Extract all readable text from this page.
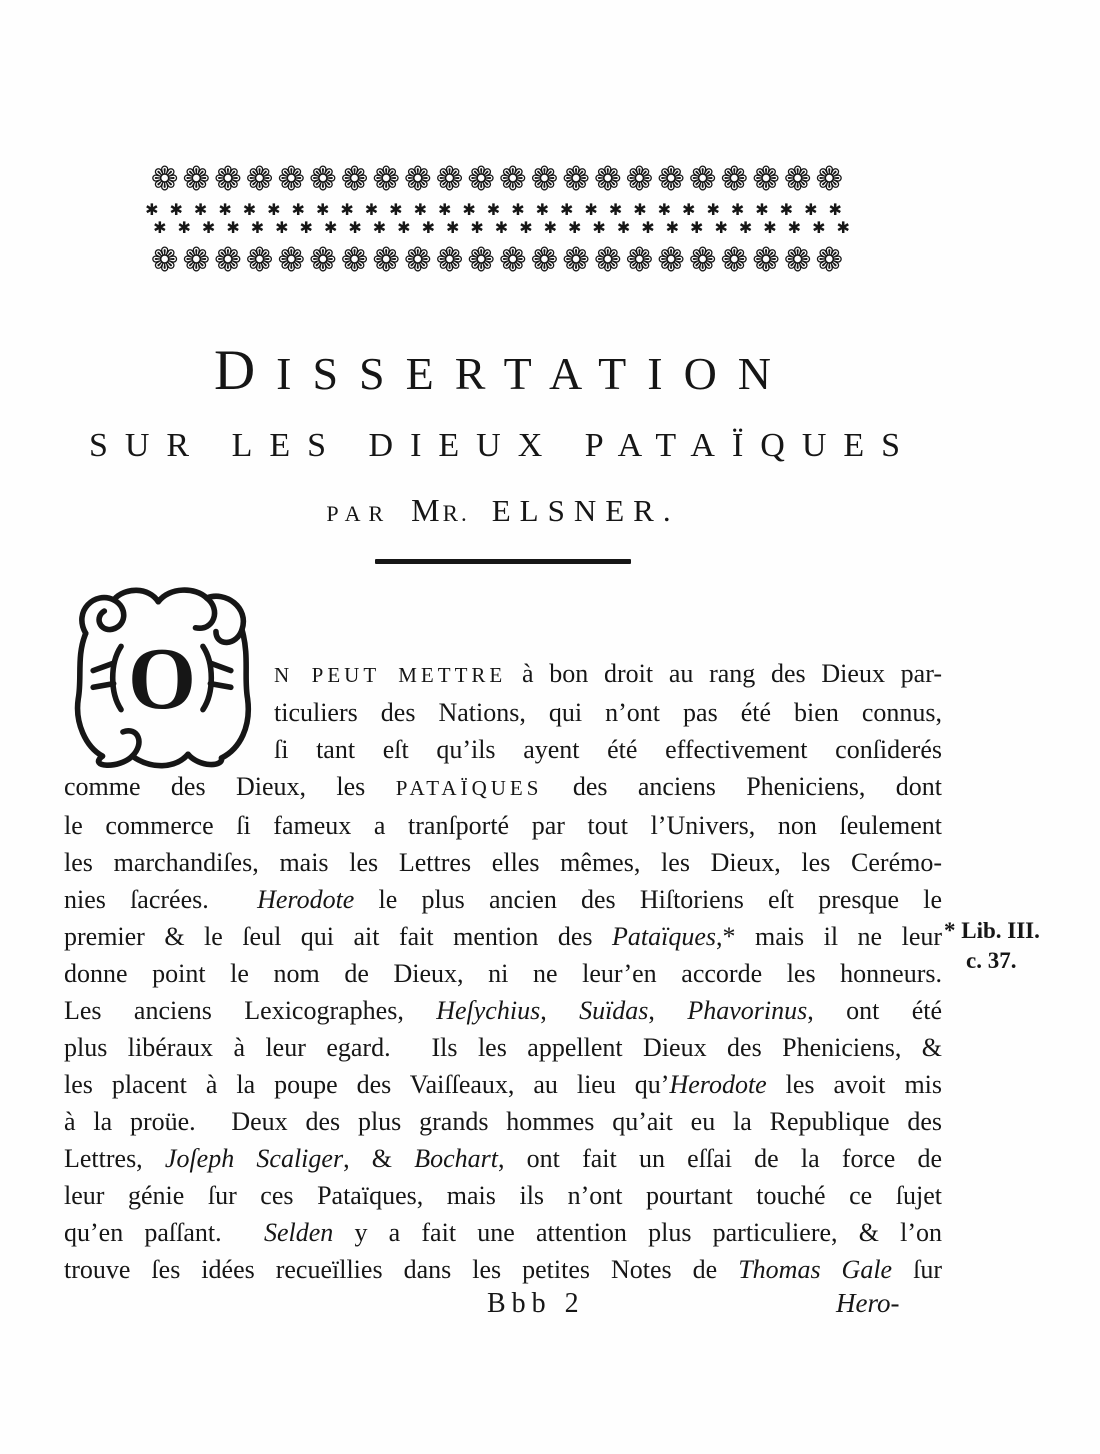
❁❁❁❁❁❁❁❁❁❁❁❁❁❁❁❁❁❁❁❁❁❁
✱✱✱✱✱✱✱✱✱✱✱✱✱✱✱✱✱✱✱✱✱✱✱✱✱✱✱✱✱
✱✱✱✱✱✱✱✱✱✱✱✱✱✱✱✱✱✱✱✱✱✱✱✱✱✱✱✱✱
❁❁❁❁❁❁❁❁❁❁❁❁❁❁❁❁❁❁❁❁❁❁
DISSERTATION
SUR LES DIEUX PATAÏQUES
PAR MR. ELSNER.
O	N PEUT METTRE à bon droit au rang des Dieux par-
ticuliers des Nations, qui n’ont pas été bien connus,
ſi tant eſt qu’ils ayent été effectivement conſiderés
comme des Dieux, les PATAÏQUES des anciens Pheniciens, dont
le commerce ſi fameux a tranſporté par tout l’Univers, non ſeulement
les marchandiſes, mais les Lettres elles mêmes, les Dieux, les Cerémo-
nies ſacrées.  Herodote le plus ancien des Hiſtoriens eſt presque le
premier & le ſeul qui ait fait mention des Pataïques,* mais il ne leur
donne point le nom de Dieux, ni ne leur’en accorde les honneurs.
Les anciens Lexicographes, Heſychius, Suïdas, Phavorinus, ont été
plus libéraux à leur egard.  Ils les appellent Dieux des Pheniciens, &
les placent à la poupe des Vaiſſeaux, au lieu qu’Herodote les avoit mis
à la proüe.  Deux des plus grands hommes qu’ait eu la Republique des
Lettres, Joſeph Scaliger, & Bochart, ont fait un eſſai de la force de
leur génie ſur ces Pataïques, mais ils n’ont pourtant touché ce ſujet
qu’en paſſant.  Selden y a fait une attention plus particuliere, & l’on
trouve ſes idées recueïllies dans les petites Notes de Thomas Gale ſur
* Lib. III.
c. 37.
Bbb 2	Hero-
